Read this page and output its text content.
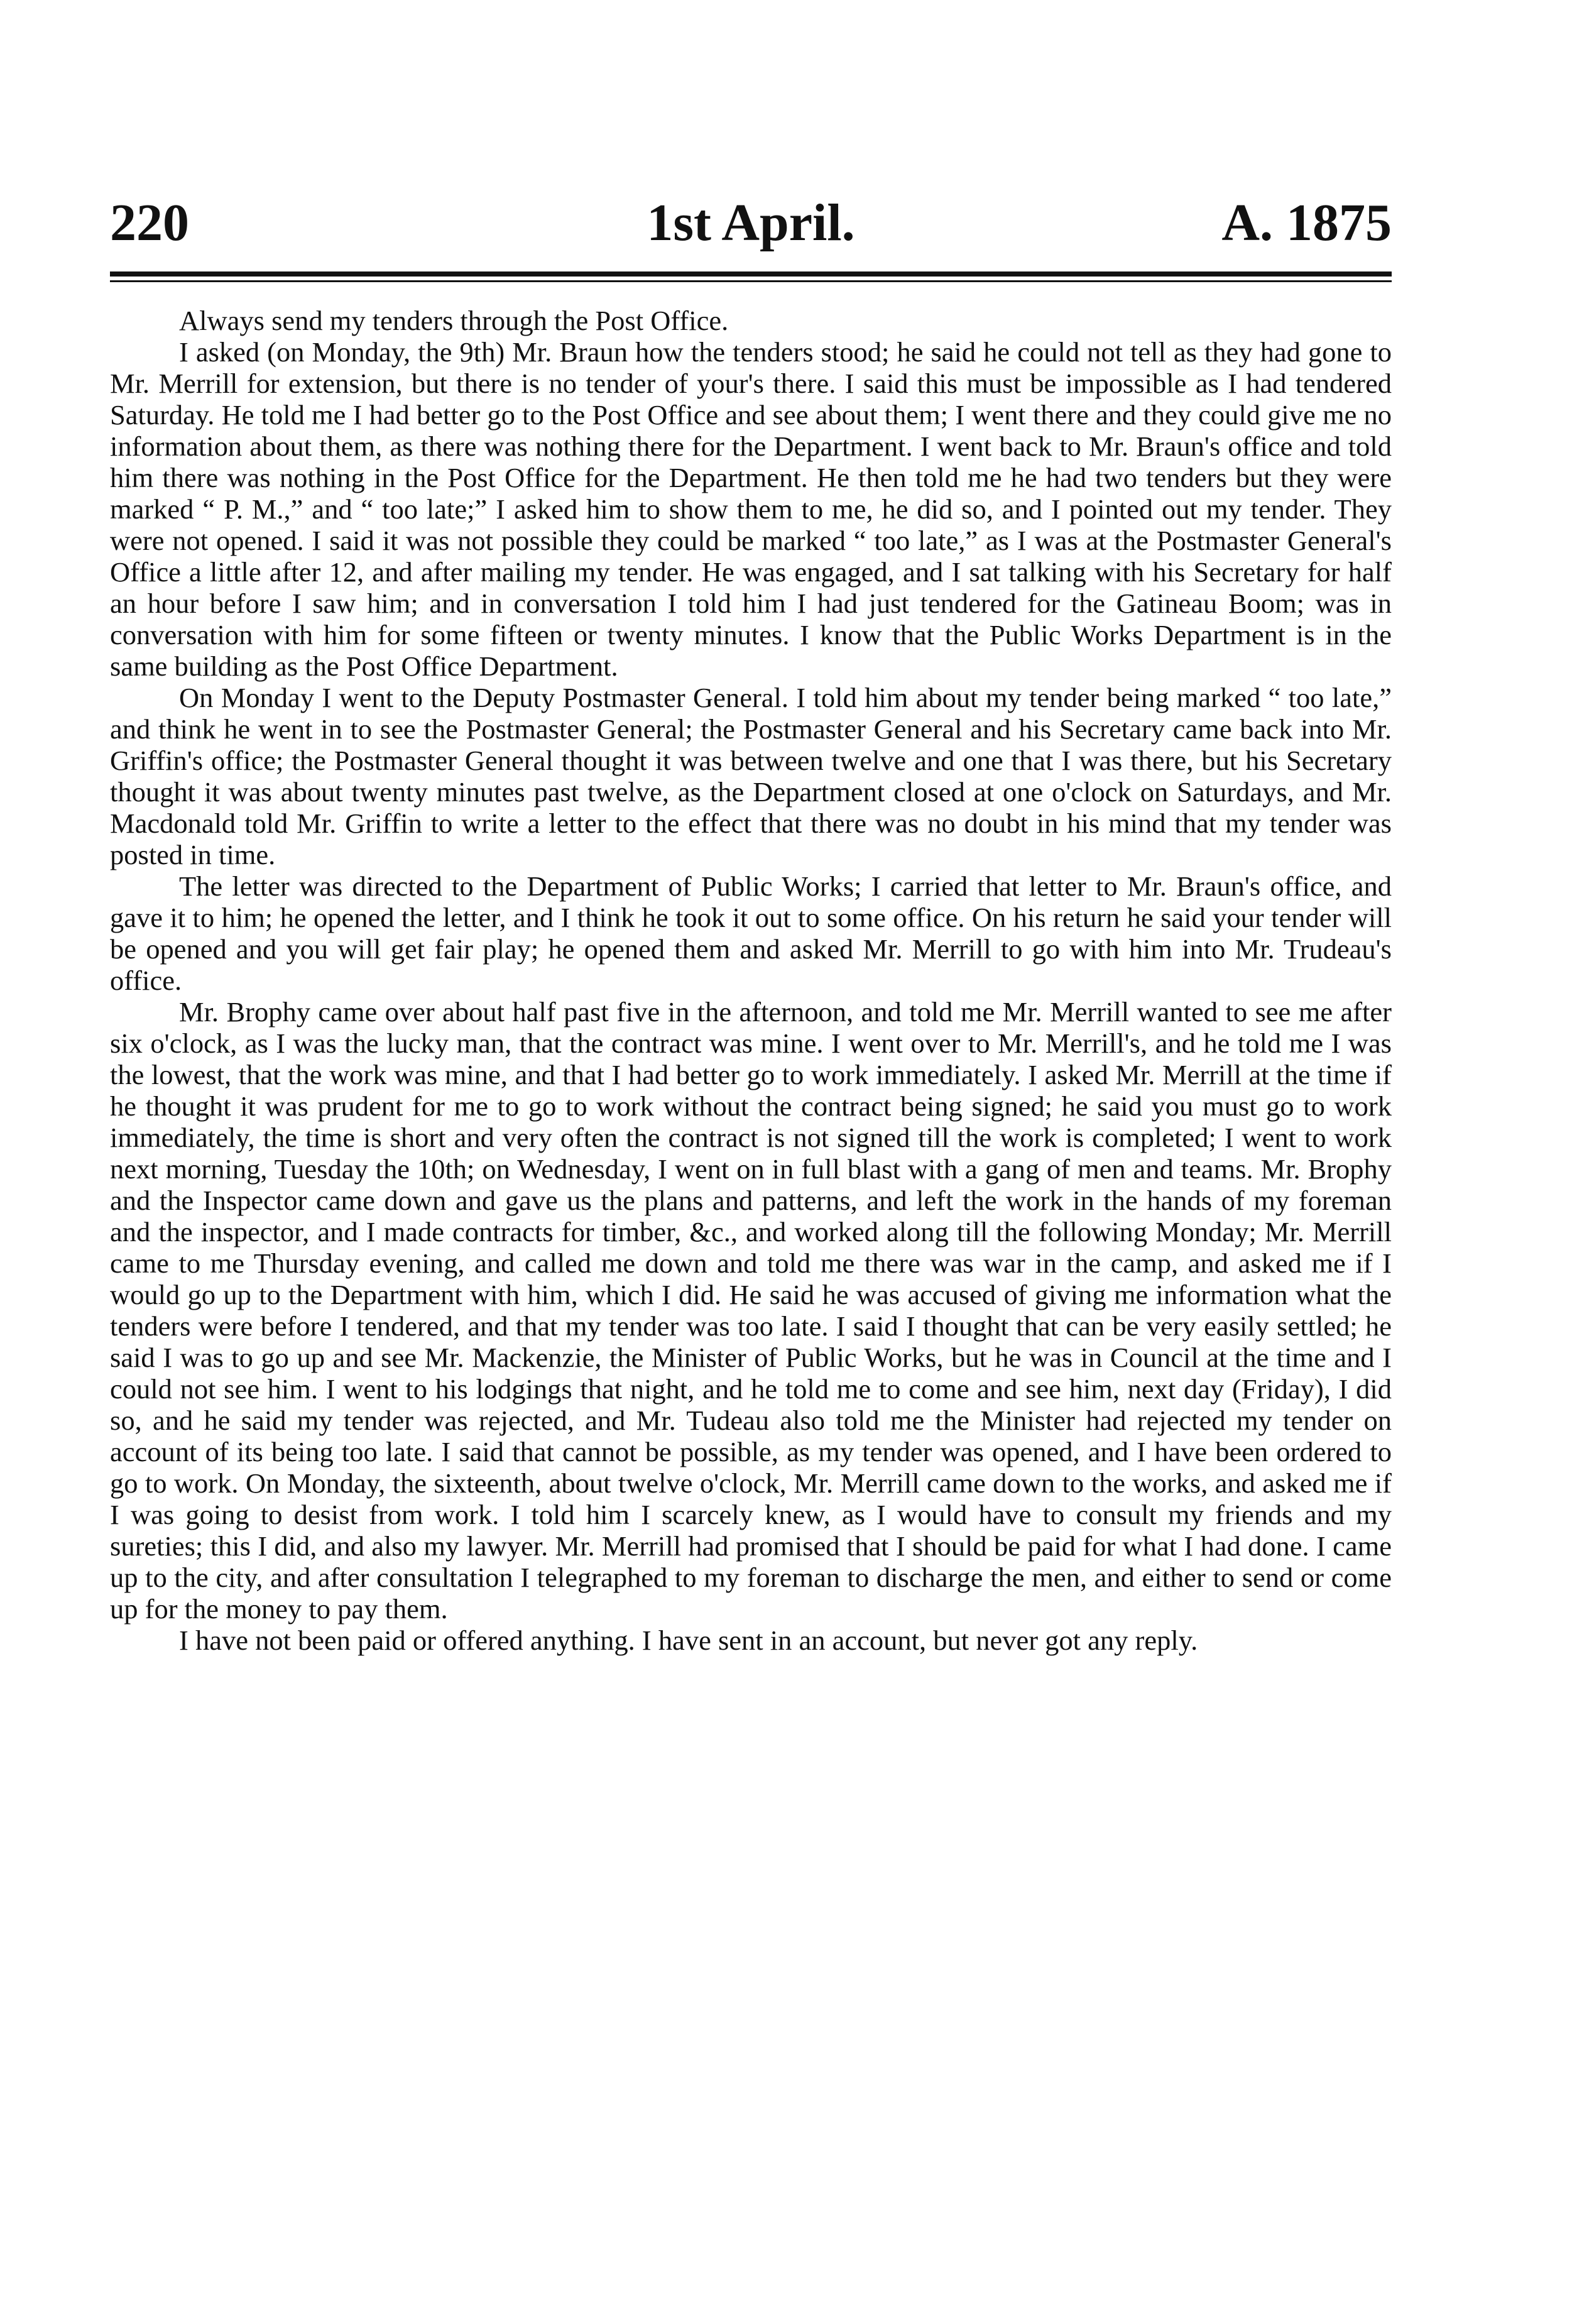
220	1st April.	A. 1875

Always send my tenders through the Post Office.

I asked (on Monday, the 9th) Mr. Braun how the tenders stood; he said he could not tell as they had gone to Mr. Merrill for extension, but there is no tender of your's there. I said this must be impossible as I had tendered Saturday. He told me I had better go to the Post Office and see about them; I went there and they could give me no information about them, as there was nothing there for the Department. I went back to Mr. Braun's office and told him there was nothing in the Post Office for the Department. He then told me he had two tenders but they were marked “ P. M.,” and “ too late;” I asked him to show them to me, he did so, and I pointed out my tender. They were not opened. I said it was not possible they could be marked “ too late,” as I was at the Postmaster General's Office a little after 12, and after mailing my tender. He was engaged, and I sat talking with his Secretary for half an hour before I saw him; and in conversation I told him I had just tendered for the Gatineau Boom; was in conversation with him for some fifteen or twenty minutes. I know that the Public Works Department is in the same building as the Post Office Department.

On Monday I went to the Deputy Postmaster General. I told him about my tender being marked “ too late,” and think he went in to see the Postmaster General; the Postmaster General and his Secretary came back into Mr. Griffin's office; the Postmaster General thought it was between twelve and one that I was there, but his Secretary thought it was about twenty minutes past twelve, as the Department closed at one o'clock on Saturdays, and Mr. Macdonald told Mr. Griffin to write a letter to the effect that there was no doubt in his mind that my tender was posted in time.

The letter was directed to the Department of Public Works; I carried that letter to Mr. Braun's office, and gave it to him; he opened the letter, and I think he took it out to some office. On his return he said your tender will be opened and you will get fair play; he opened them and asked Mr. Merrill to go with him into Mr. Trudeau's office.

Mr. Brophy came over about half past five in the afternoon, and told me Mr. Merrill wanted to see me after six o'clock, as I was the lucky man, that the contract was mine. I went over to Mr. Merrill's, and he told me I was the lowest, that the work was mine, and that I had better go to work immediately. I asked Mr. Merrill at the time if he thought it was prudent for me to go to work without the contract being signed; he said you must go to work immediately, the time is short and very often the contract is not signed till the work is completed; I went to work next morning, Tuesday the 10th; on Wednesday, I went on in full blast with a gang of men and teams. Mr. Brophy and the Inspector came down and gave us the plans and patterns, and left the work in the hands of my foreman and the inspector, and I made contracts for timber, &c., and worked along till the following Monday; Mr. Merrill came to me Thursday evening, and called me down and told me there was war in the camp, and asked me if I would go up to the Department with him, which I did. He said he was accused of giving me information what the tenders were before I tendered, and that my tender was too late. I said I thought that can be very easily settled; he said I was to go up and see Mr. Mackenzie, the Minister of Public Works, but he was in Council at the time and I could not see him. I went to his lodgings that night, and he told me to come and see him, next day (Friday), I did so, and he said my tender was rejected, and Mr. Tudeau also told me the Minister had rejected my tender on account of its being too late. I said that cannot be possible, as my tender was opened, and I have been ordered to go to work. On Monday, the sixteenth, about twelve o'clock, Mr. Merrill came down to the works, and asked me if I was going to desist from work. I told him I scarcely knew, as I would have to consult my friends and my sureties; this I did, and also my lawyer. Mr. Merrill had promised that I should be paid for what I had done. I came up to the city, and after consultation I telegraphed to my foreman to discharge the men, and either to send or come up for the money to pay them.

I have not been paid or offered anything. I have sent in an account, but never got any reply.
